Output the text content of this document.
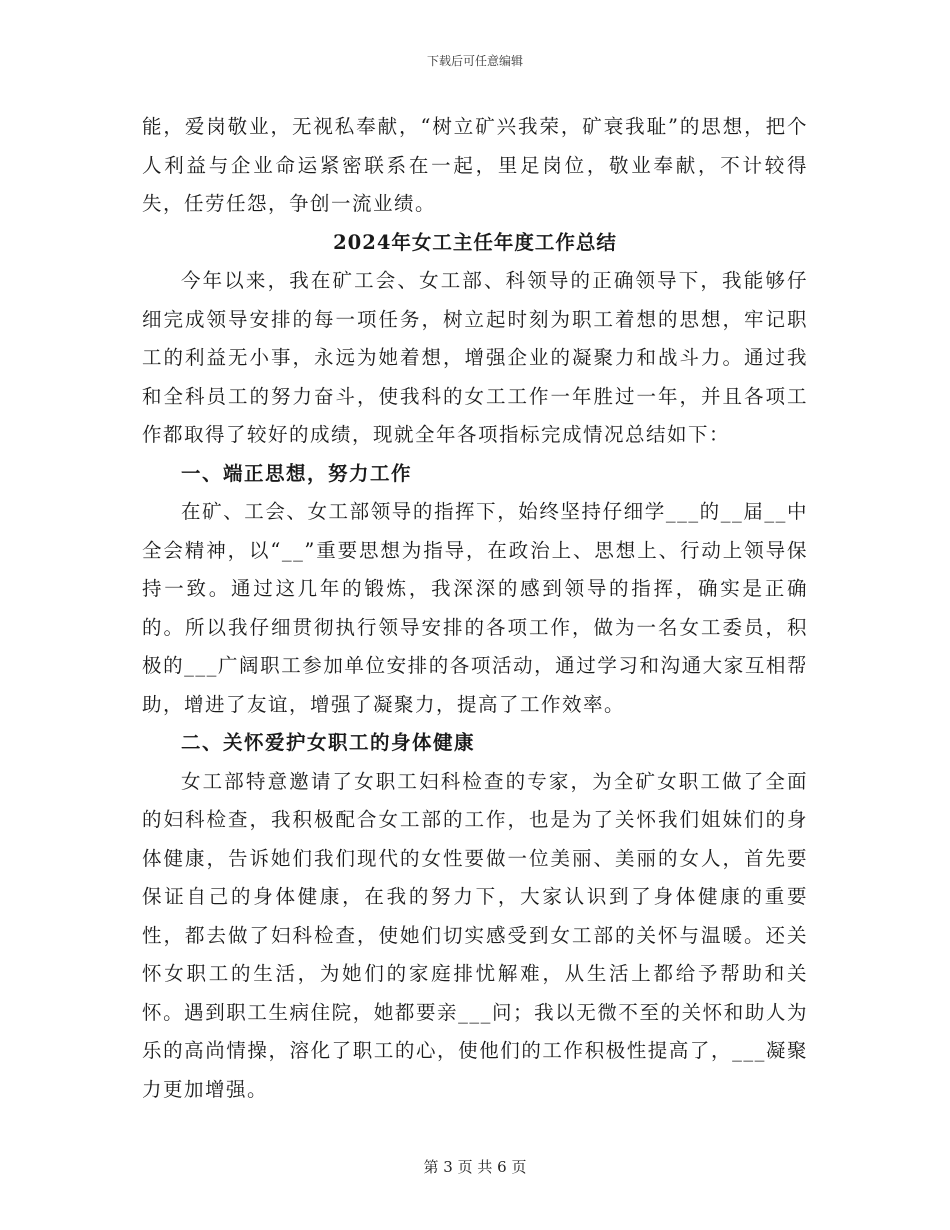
下载后可任意编辑

能，爱岗敬业，无视私奉献，“树立矿兴我荣，矿衰我耻”的思想，把个人利益与企业命运紧密联系在一起，里足岗位，敬业奉献，不计较得失，任劳任怨，争创一流业绩。

2024年女工主任年度工作总结

今年以来，我在矿工会、女工部、科领导的正确领导下，我能够仔细完成领导安排的每一项任务，树立起时刻为职工着想的思想，牢记职工的利益无小事，永远为她着想，增强企业的凝聚力和战斗力。通过我和全科员工的努力奋斗，使我科的女工工作一年胜过一年，并且各项工作都取得了较好的成绩，现就全年各项指标完成情况总结如下：

一、端正思想，努力工作

在矿、工会、女工部领导的指挥下，始终坚持仔细学___的__届__中全会精神，以“__”重要思想为指导，在政治上、思想上、行动上领导保持一致。通过这几年的锻炼，我深深的感到领导的指挥，确实是正确的。所以我仔细贯彻执行领导安排的各项工作，做为一名女工委员，积极的___广阔职工参加单位安排的各项活动，通过学习和沟通大家互相帮助，增进了友谊，增强了凝聚力，提高了工作效率。

二、关怀爱护女职工的身体健康

女工部特意邀请了女职工妇科检查的专家，为全矿女职工做了全面的妇科检查，我积极配合女工部的工作，也是为了关怀我们姐妹们的身体健康，告诉她们我们现代的女性要做一位美丽、美丽的女人，首先要保证自己的身体健康，在我的努力下，大家认识到了身体健康的重要性，都去做了妇科检查，使她们切实感受到女工部的关怀与温暖。还关怀女职工的生活，为她们的家庭排忧解难，从生活上都给予帮助和关怀。遇到职工生病住院，她都要亲___问；我以无微不至的关怀和助人为乐的高尚情操，溶化了职工的心，使他们的工作积极性提高了，___凝聚力更加增强。

第 3 页 共 6 页
